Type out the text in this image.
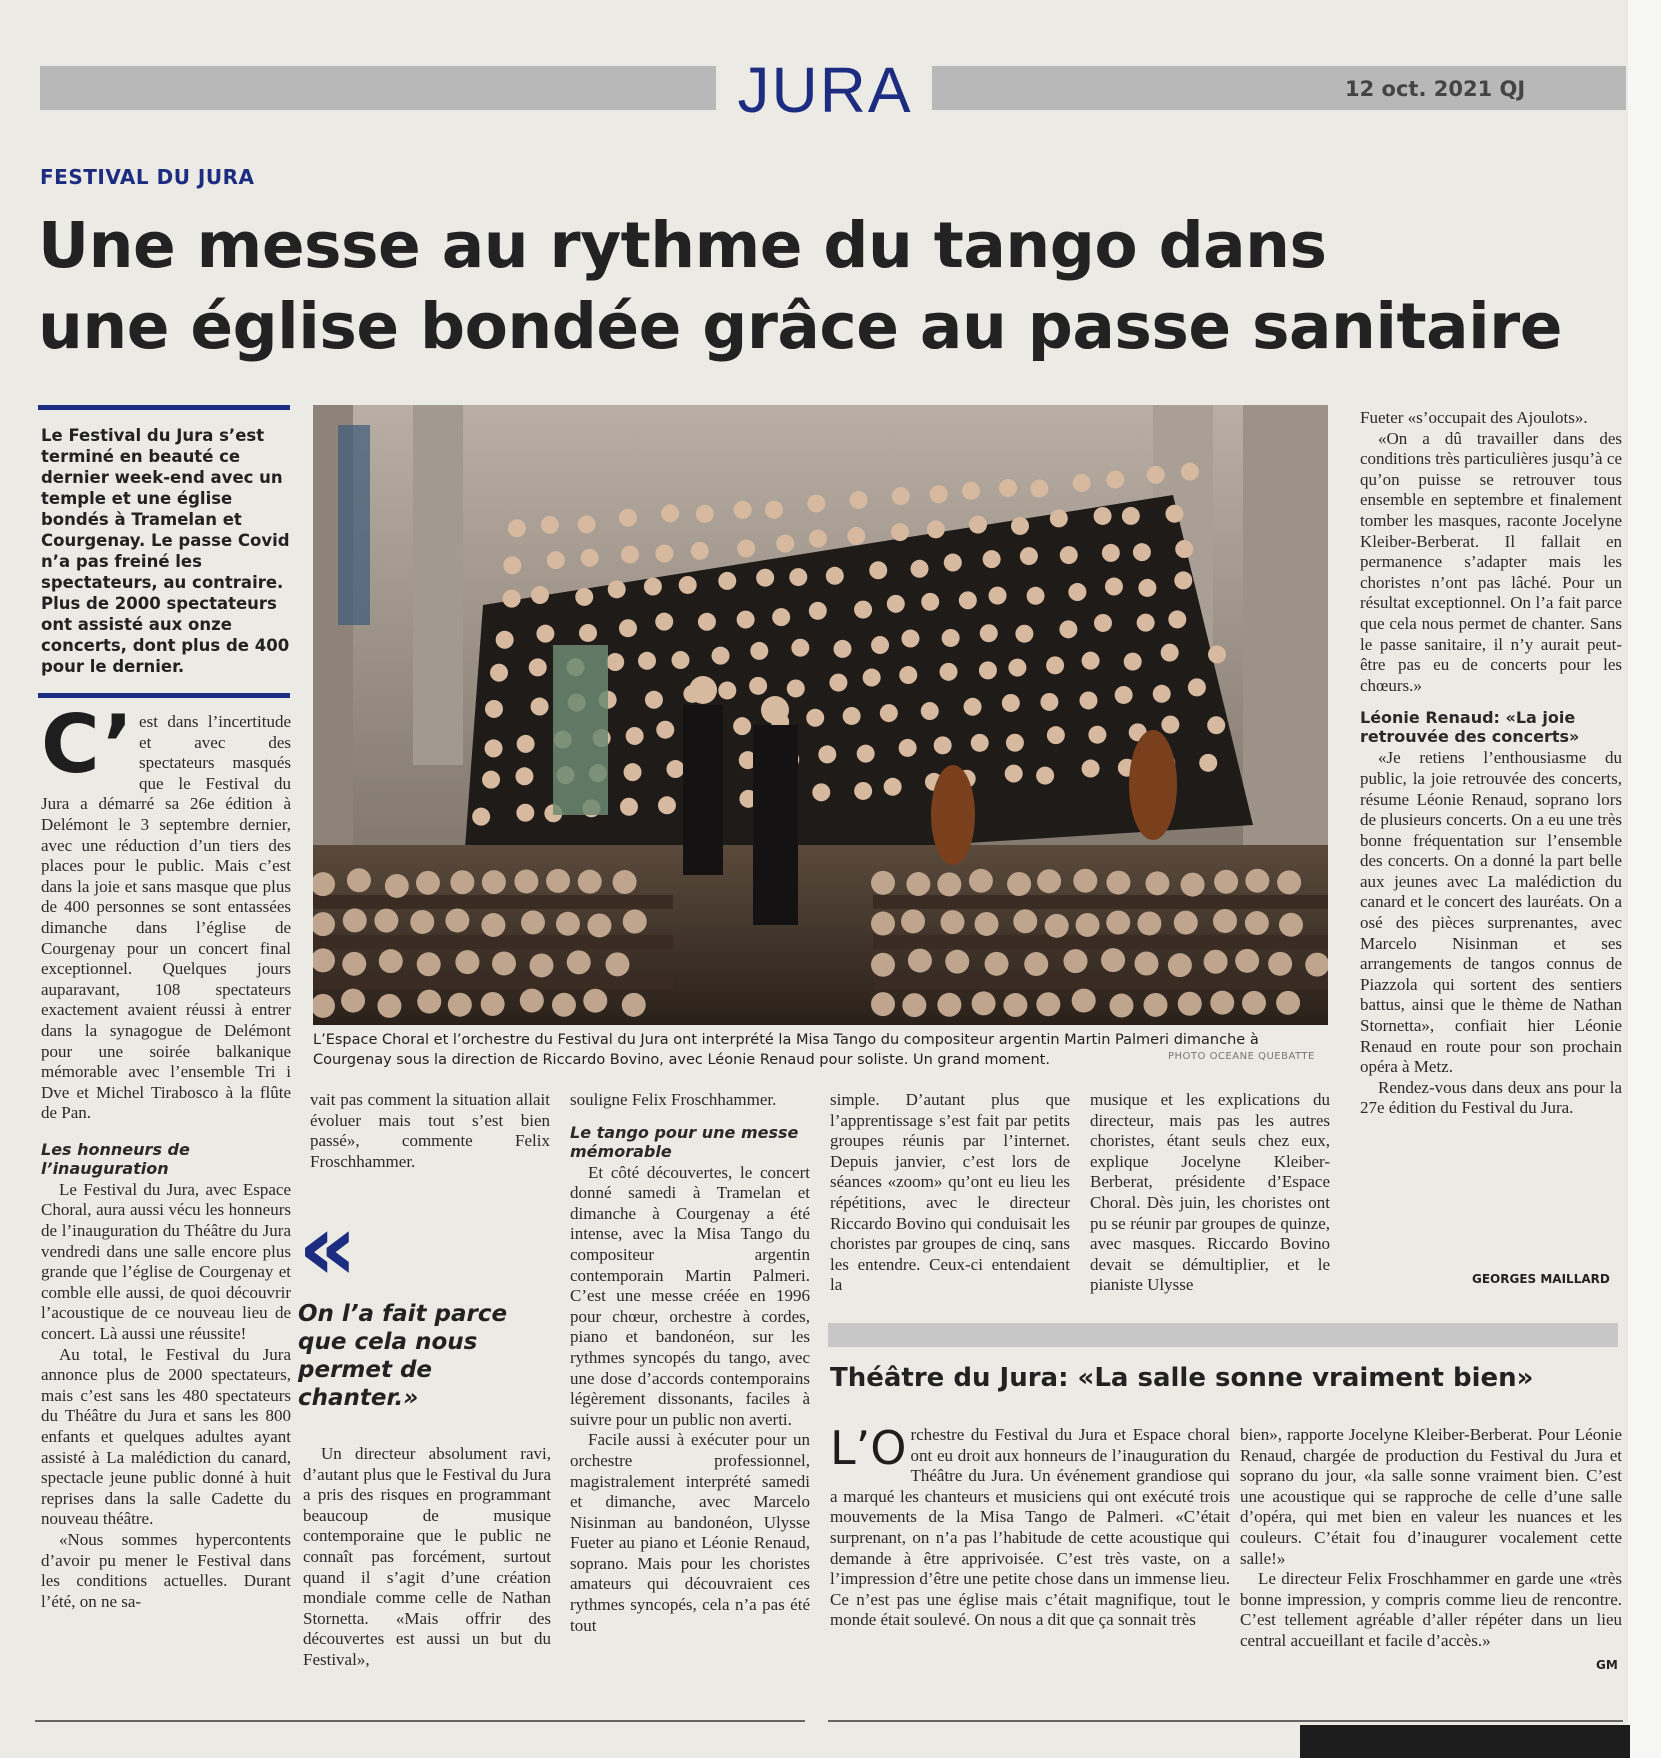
JURA	12 oct. 2021 QJ
FESTIVAL DU JURA
Une messe au rythme du tango dans
une église bondée grâce au passe sanitaire
Le Festival du Jura s’est terminé en beauté ce dernier week-end avec un temple et une église bondés à Tramelan et Courgenay. Le passe Covid n’a pas freiné les spectateurs, au contraire. Plus de 2000 spectateurs ont assisté aux onze concerts, dont plus de 400 pour le dernier.
L’Espace Choral et l’orchestre du Festival du Jura ont interprété la Misa Tango du compositeur argentin Martin Palmeri dimanche à Courgenay sous la direction de Riccardo Bovino, avec Léonie Renaud pour soliste. Un grand moment.	PHOTO OCEANE QUEBATTE
C’ est dans l’incertitude et avec des spectateurs masqués que le Festival du Jura a démarré sa 26e édition à Delémont le 3 septembre dernier, avec une réduction d’un tiers des places pour le public. Mais c’est dans la joie et sans masque que plus de 400 personnes se sont entassées dimanche dans l’église de Courgenay pour un concert final exceptionnel. Quelques jours auparavant, 108 spectateurs exactement avaient réussi à entrer dans la synagogue de Delémont pour une soirée balkanique mémorable avec l’ensemble Tri i Dve et Michel Tirabosco à la flûte de Pan.

Les honneurs de l’inauguration

Le Festival du Jura, avec Espace Choral, aura aussi vécu les honneurs de l’inauguration du Théâtre du Jura vendredi dans une salle encore plus grande que l’église de Courgenay et comble elle aussi, de quoi découvrir l’acoustique de ce nouveau lieu de concert. Là aussi une réussite!

Au total, le Festival du Jura annonce plus de 2000 spectateurs, mais c’est sans les 480 spectateurs du Théâtre du Jura et sans les 800 enfants et quelques adultes ayant assisté à La malédiction du canard, spectacle jeune public donné à huit reprises dans la salle Cadette du nouveau théâtre.

«Nous sommes hypercontents d’avoir pu mener le Festival dans les conditions actuelles. Durant l’été, on ne sa-

vait pas comment la situation allait évoluer mais tout s’est bien passé», commente Felix Froschhammer.

«
On l’a fait parce que cela nous permet de chanter.»

Un directeur absolument ravi, d’autant plus que le Festival du Jura a pris des risques en programmant beaucoup de musique contemporaine que le public ne connaît pas forcément, surtout quand il s’agit d’une création mondiale comme celle de Nathan Stornetta. «Mais offrir des découvertes est aussi un but du Festival»,

souligne Felix Froschhammer.

Le tango pour une messe mémorable

Et côté découvertes, le concert donné samedi à Tramelan et dimanche à Courgenay a été intense, avec la Misa Tango du compositeur argentin contemporain Martin Palmeri. C’est une messe créée en 1996 pour chœur, orchestre à cordes, piano et bandonéon, sur les rythmes syncopés du tango, avec une dose d’accords contemporains légèrement dissonants, faciles à suivre pour un public non averti.

Facile aussi à exécuter pour un orchestre professionnel, magistralement interprété samedi et dimanche, avec Marcelo Nisinman au bandonéon, Ulysse Fueter au piano et Léonie Renaud, soprano. Mais pour les choristes amateurs qui découvraient ces rythmes syncopés, cela n’a pas été tout

simple. D’autant plus que l’apprentissage s’est fait par petits groupes réunis par l’internet. Depuis janvier, c’est lors de séances «zoom» qu’ont eu lieu les répétitions, avec le directeur Riccardo Bovino qui conduisait les choristes par groupes de cinq, sans les entendre. Ceux-ci entendaient la

musique et les explications du directeur, mais pas les autres choristes, étant seuls chez eux, explique Jocelyne Kleiber-Berberat, présidente d’Espace Choral. Dès juin, les choristes ont pu se réunir par groupes de quinze, avec masques. Riccardo Bovino devait se démultiplier, et le pianiste Ulysse

Fueter «s’occupait des Ajoulots».

«On a dû travailler dans des conditions très particulières jusqu’à ce qu’on puisse se retrouver tous ensemble en septembre et finalement tomber les masques, raconte Jocelyne Kleiber-Berberat. Il fallait en permanence s’adapter mais les choristes n’ont pas lâché. Pour un résultat exceptionnel. On l’a fait parce que cela nous permet de chanter. Sans le passe sanitaire, il n’y aurait peut-être pas eu de concerts pour les chœurs.»

Léonie Renaud: «La joie retrouvée des concerts»

«Je retiens l’enthousiasme du public, la joie retrouvée des concerts, résume Léonie Renaud, soprano lors de plusieurs concerts. On a eu une très bonne fréquentation sur l’ensemble des concerts. On a donné la part belle aux jeunes avec La malédiction du canard et le concert des lauréats. On a osé des pièces surprenantes, avec Marcelo Nisinman et ses arrangements de tangos connus de Piazzola qui sortent des sentiers battus, ainsi que le thème de Nathan Stornetta», confiait hier Léonie Renaud en route pour son prochain opéra à Metz.

Rendez-vous dans deux ans pour la 27e édition du Festival du Jura.

GEORGES MAILLARD
Théâtre du Jura: «La salle sonne vraiment bien»
L’O rchestre du Festival du Jura et Espace choral ont eu droit aux honneurs de l’inauguration du Théâtre du Jura. Un événement grandiose qui a marqué les chanteurs et musiciens qui ont exécuté trois mouvements de la Misa Tango de Palmeri. «C’était surprenant, on n’a pas l’habitude de cette acoustique qui demande à être apprivoisée. C’est très vaste, on a l’impression d’être une petite chose dans un immense lieu. Ce n’est pas une église mais c’était magnifique, tout le monde était soulevé. On nous a dit que ça sonnait très

bien», rapporte Jocelyne Kleiber-Berberat. Pour Léonie Renaud, chargée de production du Festival du Jura et soprano du jour, «la salle sonne vraiment bien. C’est une acoustique qui se rapproche de celle d’une salle d’opéra, qui met bien en valeur les nuances et les couleurs. C’était fou d’inaugurer vocalement cette salle!»

Le directeur Felix Froschhammer en garde une «très bonne impression, y compris comme lieu de rencontre. C’est tellement agréable d’aller répéter dans un lieu central accueillant et facile d’accès.»

GM
